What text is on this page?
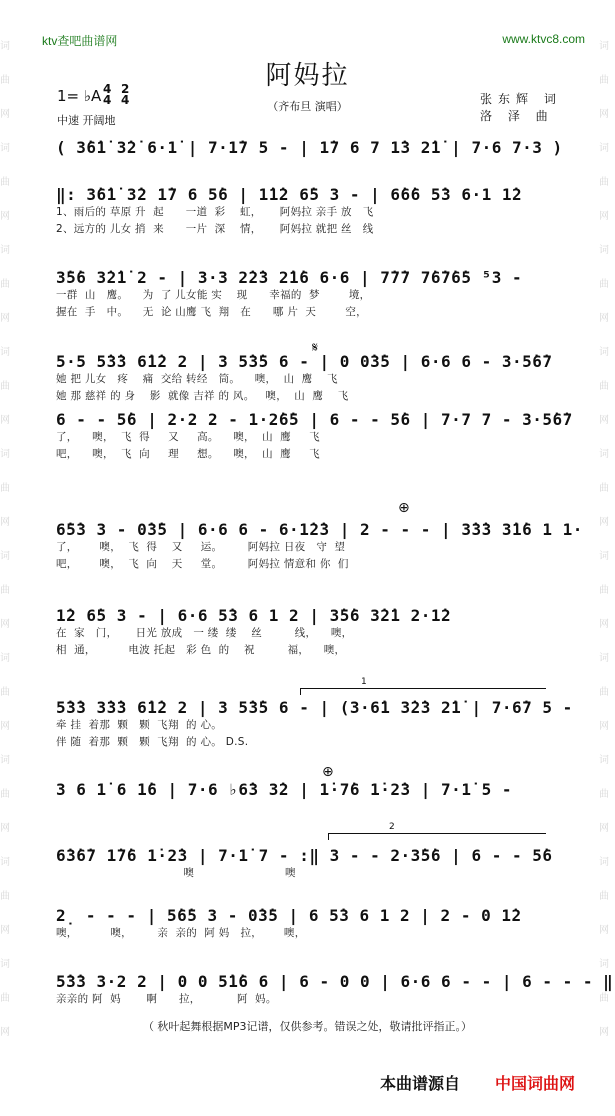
词曲网词曲网词曲网词曲网词曲网词曲网词曲网词曲网词曲网词曲网
词曲网词曲网词曲网词曲网词曲网词曲网词曲网词曲网词曲网词曲网
ktv查吧曲谱网	www.ktvc8.com
阿妈拉
（齐布旦 演唱）
1= ♭A 4
4
2
4
中速 开阔地
张东辉 词
洛 泽 曲
( 3̇6̇1̇ 3̇2̇ 6·1̇ | 7·1̇7 5 - | 1̇7 6 7 1̇3 2̇1̇ | 7·6 7·3 )
‖: 3̇6̇1̇ 3̇2 1̇7 6 5̇6 | 1̇1̇2 6̇5 3 - | 6̇6̇6 5̇3 6·1 1̇2
1、雨后的 草原 升  起      一道  彩    虹，     阿妈拉 亲手 放   飞
2、远方的 儿女 捎  来      一片  深    情，     阿妈拉 就把 丝   线
3̇5̇6 3̇2̇1̇ 2 - | 3·3 2̇2̇3 2̇1̇6 6·6 | 7̇7̇7 7̇6̇7̇6̇5 ⁵3 -
一群  山   鹰。    为  了 儿女能 实    现      幸福的  梦        境，
握在  手   中。    无  论 山鹰 飞  翔   在      哪 片  天        空，
5·5 5̇3̇3 6̇1̇2 2 | 3 5̇3̇5 6 - | 0 0̇3̇5 | 6·6 6 - 3·5̇6̇7
她 把 儿女   疼    痛  交给 转经   筒。    噢，  山  鹰    飞
她 那 慈祥 的 身    影  就像 吉祥 的 风。   噢，  山  鹰    飞
6 - - 5̇6 | 2·2 2 - 1·2̇6̇5 | 6 - - 5̇6 | 7·7 7 - 3·5̇6̇7
了，    噢，  飞  得     又     高。    噢，  山  鹰     飞
吧，    噢，  飞  向     理     想。    噢，  山  鹰     飞
6̇5̇3 3 - 0̇3̇5 | 6·6 6 - 6·1̇2̇3 | 2 - - - | 3̇3̇3 3̇1̇6 1 1·
了，      噢，  飞  得    又     运。       阿妈拉 日夜   守  望
吧，      噢，  飞  向    天     堂。       阿妈拉 情意和 你  们
1̇2 6̇5 3 - | 6·6 5̇3 6 1 2 | 3̇5̇6 3̇2̇1 2·1̇2
在  家   门，     日光 放成   一 缕  缕    丝         线，    噢，
相  通，         电波 托起   彩 色  的    祝         福，    噢，
5̇3̇3 3̇3̇3 6̇1̇2 2 | 3 5̇3̇5 6 - | (3·6̇1 3̇2̇3 2̇1̇ | 7·6̇7 5 -
牵 挂  着那  颗   颗  飞翔  的 心。
伴 随  着那  颗   颗  飞翔  的 心。 D.S.
3 6 1̇ 6 1̇6 | 7·6 ♭6̇3 3̇2 | 1̇·7̇6 1̇·2̇3 | 7·1̇ 5 -
6̇3̇6̇7 1̇7̇6 1̇·2̇3 | 7·1̇ 7 - :‖ 3 - - 2·3̇5̇6 | 6 - - 5̇6
噢                         噢
2̣ - - - | 5̇6̇5 3 - 0̇3̇5 | 6 5̇3 6 1 2 | 2 - 0 1̇2
噢，         噢，       亲  亲的  阿 妈   拉，      噢，
5̇3̇3 3·2 2 | 0 0 5̇1̇6 6 | 6 - 0 0 | 6·6 6 - - | 6 - - - ‖
亲亲的 阿  妈       啊      拉，          阿  妈。
𝄋
⊕
⊕
1
2
（ 秋叶起舞根据MP3记谱，仅供参考。错误之处，敬请批评指正。）
本曲谱源自 中国词曲网
